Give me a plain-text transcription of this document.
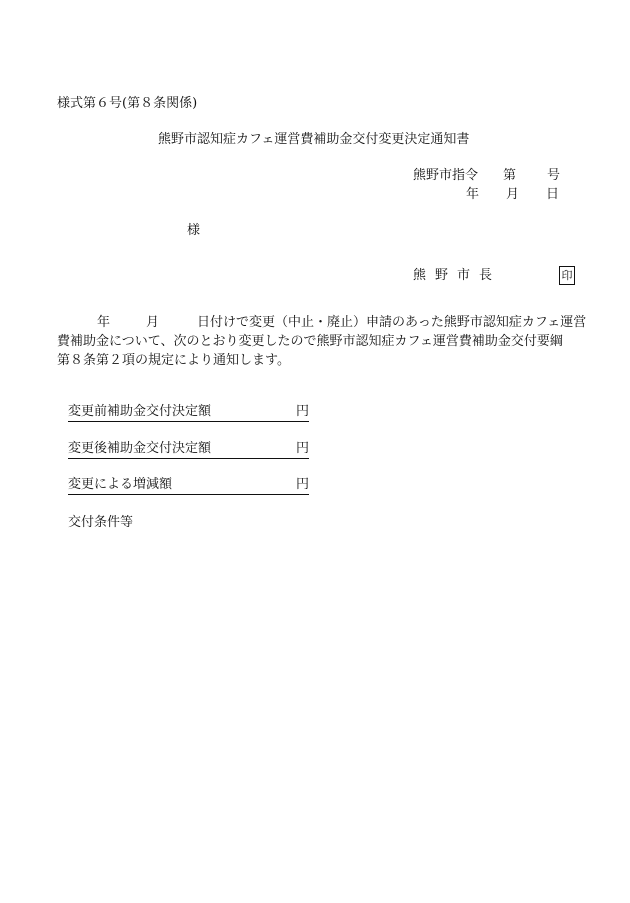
様式第６号(第８条関係)
熊野市認知症カフェ運営費補助金交付変更決定通知書
熊野市指令 第 号
年 月 日
様
熊野市長	印
年	月	日付けで変更（中止・廃止）申請のあった熊野市認知症カフェ運営
費補助金について、次のとおり変更したので熊野市認知症カフェ運営費補助金交付要綱
第８条第２項の規定により通知します。
変更前補助金交付決定額	円
変更後補助金交付決定額	円
変更による増減額	円
交付条件等
